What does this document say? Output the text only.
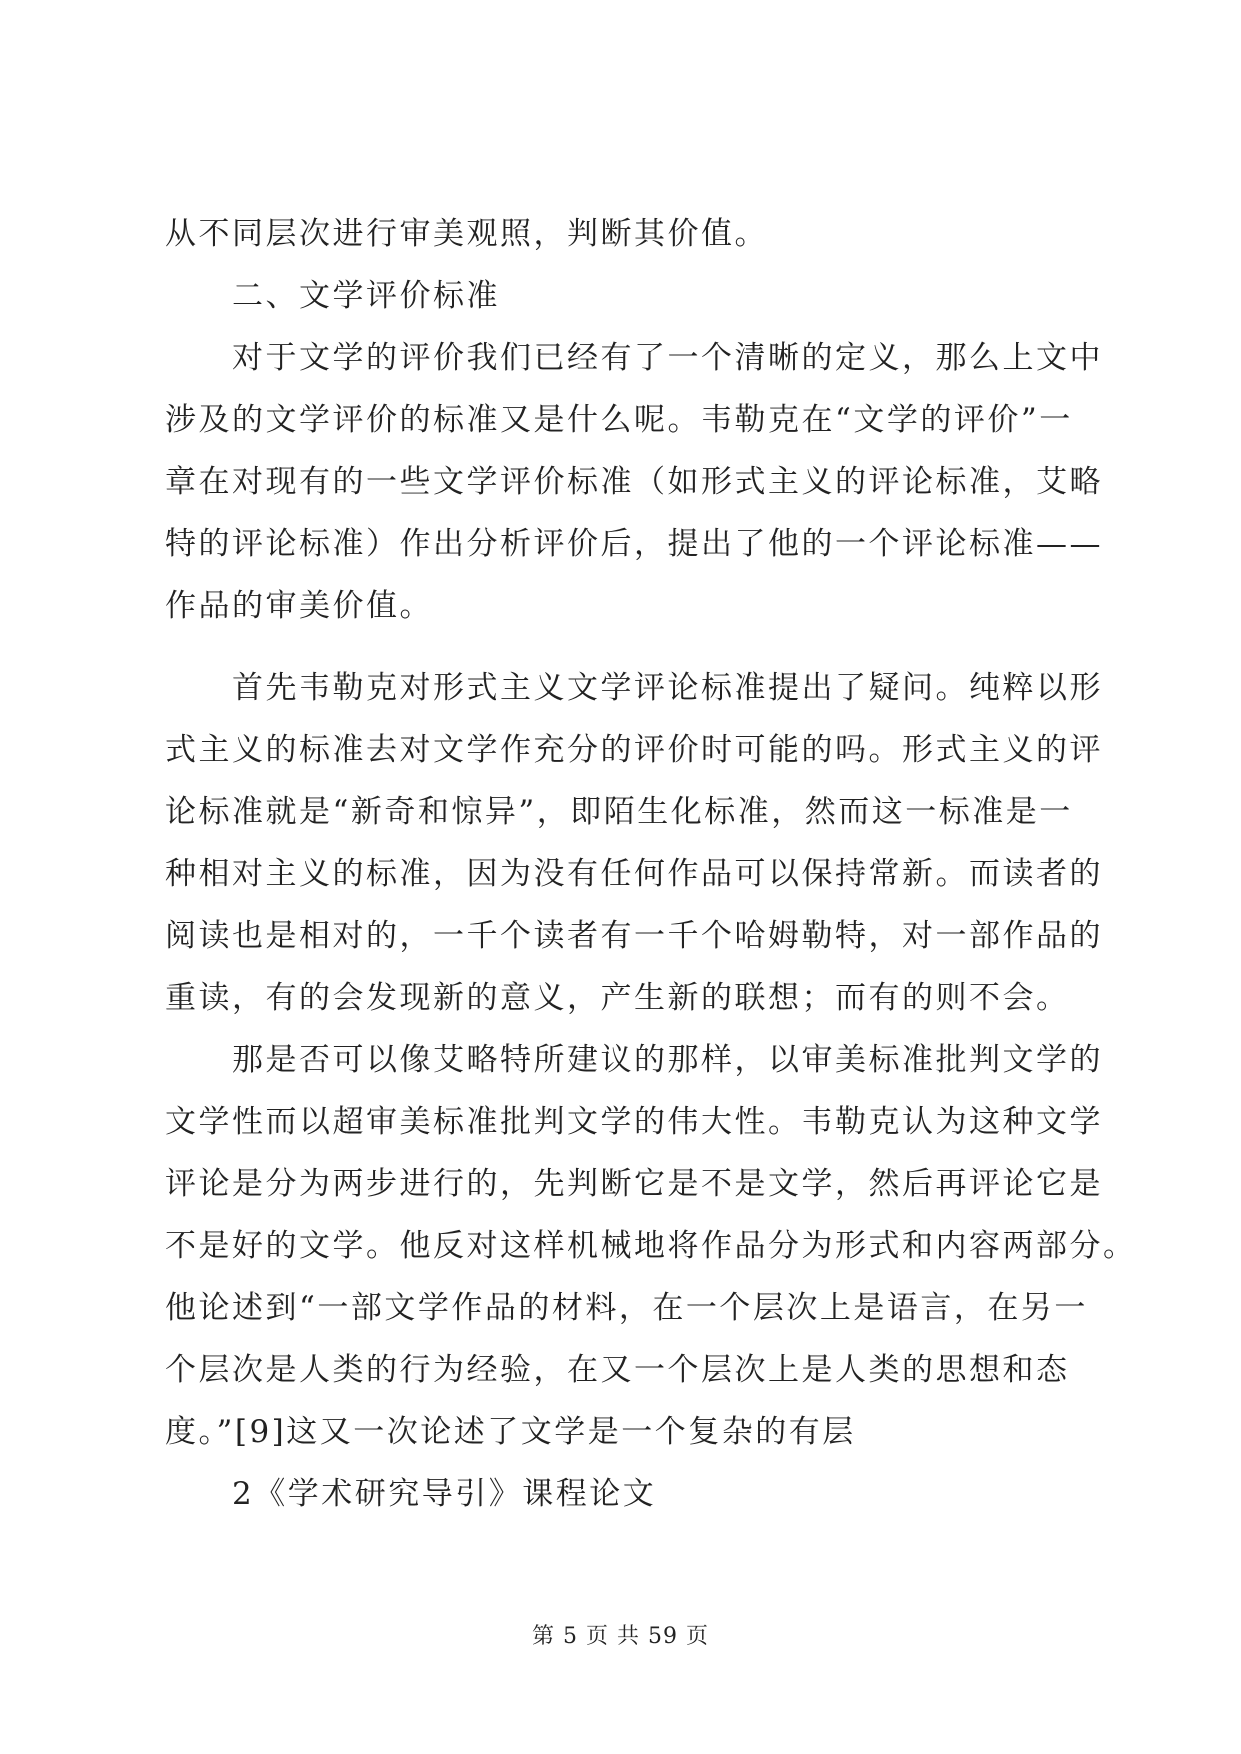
从不同层次进行审美观照，判断其价值。
　　二、文学评价标准
　　对于文学的评价我们已经有了一个清晰的定义，那么上文中
涉及的文学评价的标准又是什么呢。韦勒克在“文学的评价”一
章在对现有的一些文学评价标准（如形式主义的评论标准，艾略
特的评论标准）作出分析评价后，提出了他的一个评论标准——
作品的审美价值。
　　首先韦勒克对形式主义文学评论标准提出了疑问。纯粹以形
式主义的标准去对文学作充分的评价时可能的吗。形式主义的评
论标准就是“新奇和惊异”，即陌生化标准，然而这一标准是一
种相对主义的标准，因为没有任何作品可以保持常新。而读者的
阅读也是相对的，一千个读者有一千个哈姆勒特，对一部作品的
重读，有的会发现新的意义，产生新的联想；而有的则不会。
　　那是否可以像艾略特所建议的那样，以审美标准批判文学的
文学性而以超审美标准批判文学的伟大性。韦勒克认为这种文学
评论是分为两步进行的，先判断它是不是文学，然后再评论它是
不是好的文学。他反对这样机械地将作品分为形式和内容两部分。
他论述到“一部文学作品的材料，在一个层次上是语言，在另一
个层次是人类的行为经验，在又一个层次上是人类的思想和态
度。”[9]这又一次论述了文学是一个复杂的有层
　　2《学术研究导引》课程论文
第 5 页 共 59 页
